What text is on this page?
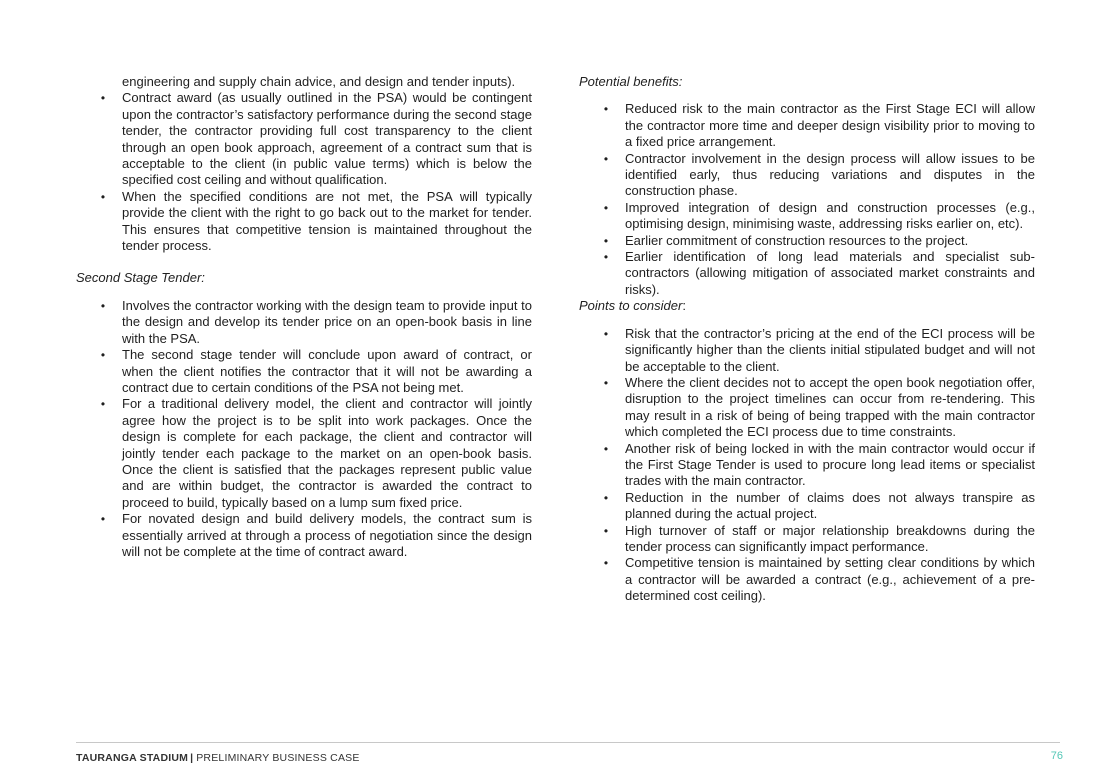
engineering and supply chain advice, and design and tender inputs).

• Contract award (as usually outlined in the PSA) would be contingent upon the contractor’s satisfactory performance during the second stage tender, the contractor providing full cost transparency to the client through an open book approach, agreement of a contract sum that is acceptable to the client (in public value terms) which is below the specified cost ceiling and without qualification.
• When the specified conditions are not met, the PSA will typically provide the client with the right to go back out to the market for tender. This ensures that competitive tension is maintained throughout the tender process.

Second Stage Tender:

• Involves the contractor working with the design team to provide input to the design and develop its tender price on an open-book basis in line with the PSA.
• The second stage tender will conclude upon award of contract, or when the client notifies the contractor that it will not be awarding a contract due to certain conditions of the PSA not being met.
• For a traditional delivery model, the client and contractor will jointly agree how the project is to be split into work packages. Once the design is complete for each package, the client and contractor will jointly tender each package to the market on an open-book basis. Once the client is satisfied that the packages represent public value and are within budget, the contractor is awarded the contract to proceed to build, typically based on a lump sum fixed price.
• For novated design and build delivery models, the contract sum is essentially arrived at through a process of negotiation since the design will not be complete at the time of contract award.

Potential benefits:

• Reduced risk to the main contractor as the First Stage ECI will allow the contractor more time and deeper design visibility prior to moving to a fixed price arrangement.
• Contractor involvement in the design process will allow issues to be identified early, thus reducing variations and disputes in the construction phase.
• Improved integration of design and construction processes (e.g., optimising design, minimising waste, addressing risks earlier on, etc).
• Earlier commitment of construction resources to the project.
• Earlier identification of long lead materials and specialist sub-contractors (allowing mitigation of associated market constraints and risks).

Points to consider:

• Risk that the contractor’s pricing at the end of the ECI process will be significantly higher than the clients initial stipulated budget and will not be acceptable to the client.
• Where the client decides not to accept the open book negotiation offer, disruption to the project timelines can occur from re-tendering. This may result in a risk of being of being trapped with the main contractor which completed the ECI process due to time constraints.
• Another risk of being locked in with the main contractor would occur if the First Stage Tender is used to procure long lead items or specialist trades with the main contractor.
• Reduction in the number of claims does not always transpire as planned during the actual project.
• High turnover of staff or major relationship breakdowns during the tender process can significantly impact performance.
• Competitive tension is maintained by setting clear conditions by which a contractor will be awarded a contract (e.g., achievement of a pre-determined cost ceiling).
TAURANGA STADIUM | PRELIMINARY BUSINESS CASE	76
